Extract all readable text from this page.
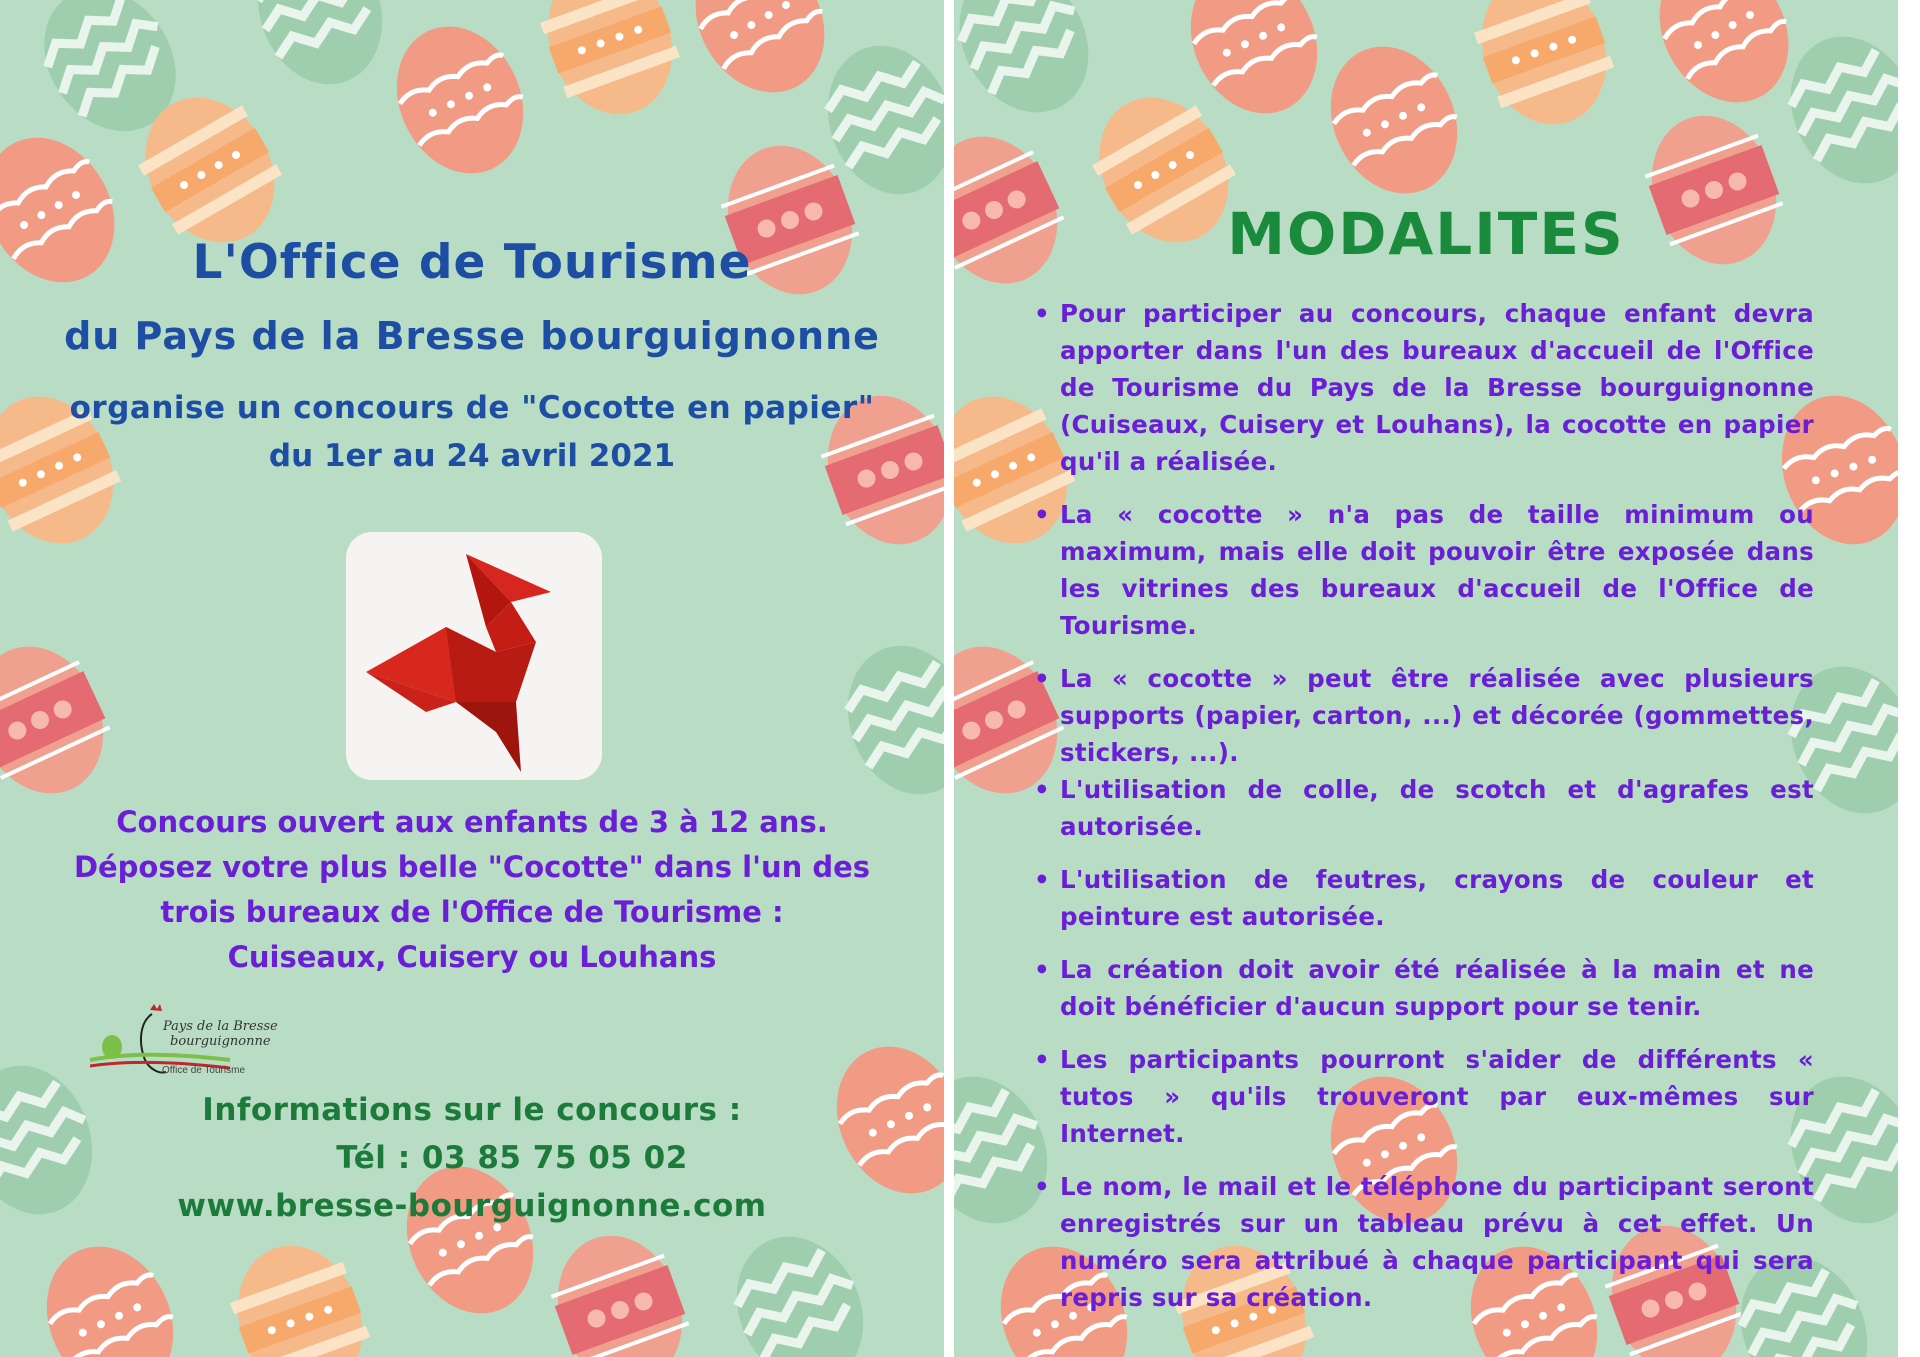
L'Office de Tourisme
du Pays de la Bresse bourguignonne
organise un concours de "Cocotte en papier"
du 1er au 24 avril 2021
Concours ouvert aux enfants de 3 à 12 ans.
Déposez votre plus belle "Cocotte" dans l'un des
trois bureaux de l'Office de Tourisme :
Cuiseaux, Cuisery ou Louhans
Pays de la Bresse
bourguignonne
Office de Tourisme
Informations sur le concours :
Tél : 03 85 75 05 02
www.bresse-bourguignonne.com
MODALITES
• Pour participer au concours, chaque enfant devra apporter dans l'un des bureaux d'accueil de l'Office de Tourisme du Pays de la Bresse bourguignonne (Cuiseaux, Cuisery et Louhans), la cocotte en papier qu'il a réalisée.
• La « cocotte » n'a pas de taille minimum ou maximum, mais elle doit pouvoir être exposée dans les vitrines des bureaux d'accueil de l'Office de Tourisme.
• La « cocotte » peut être réalisée avec plusieurs supports (papier, carton, ...) et décorée (gommettes, stickers, ...).
• L'utilisation de colle, de scotch et d'agrafes est autorisée.
• L'utilisation de feutres, crayons de couleur et peinture est autorisée.
• La création doit avoir été réalisée à la main et ne doit bénéficier d'aucun support pour se tenir.
• Les participants pourront s'aider de différents « tutos » qu'ils trouveront par eux-mêmes sur Internet.
• Le nom, le mail et le téléphone du participant seront enregistrés sur un tableau prévu à cet effet. Un numéro sera attribué à chaque participant qui sera repris sur sa création.
